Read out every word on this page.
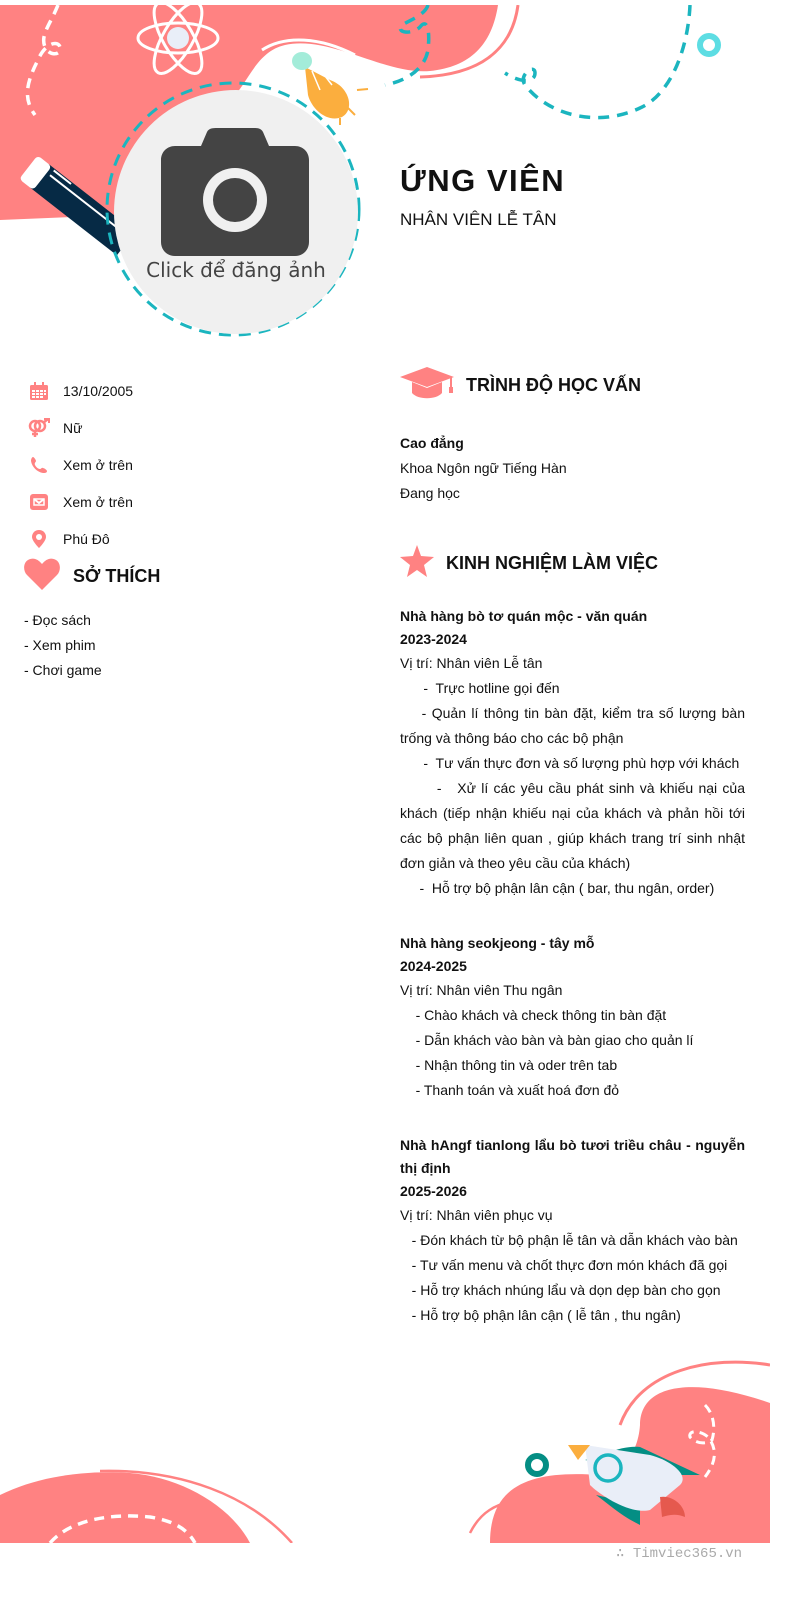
Click để đăng ảnh
ỨNG VIÊN
NHÂN VIÊN LỄ TÂN
13/10/2005
Nữ
Xem ở trên
Xem ở trên
Phú Đô
SỞ THÍCH
- Đọc sách
- Xem phim
- Chơi game
TRÌNH ĐỘ HỌC VẤN
Cao đẳng
Khoa Ngôn ngữ Tiếng Hàn
Đang học
KINH NGHIỆM LÀM VIỆC
Nhà hàng bò tơ quán mộc - văn quán
2023-2024
Vị trí: Nhân viên Lễ tân
-  Trực hotline gọi đến
- Quản lí thông tin bàn đặt, kiểm tra số lượng bàn trống và thông báo cho các bộ phận
-  Tư vấn thực đơn và số lượng phù hợp với khách
-   Xử lí các yêu cầu phát sinh và khiếu nại của khách (tiếp nhận khiếu nại của khách và phản hồi tới các bộ phận liên quan , giúp khách trang trí sinh nhật đơn giản và theo yêu cầu của khách)
-  Hỗ trợ bộ phận lân cận ( bar, thu ngân, order)
Nhà hàng seokjeong - tây mỗ
2024-2025
Vị trí: Nhân viên Thu ngân
- Chào khách và check thông tin bàn đặt
- Dẫn khách vào bàn và bàn giao cho quản lí
- Nhận thông tin và oder trên tab
- Thanh toán và xuất hoá đơn đỏ
Nhà hAngf tianlong lẩu bò tươi triều châu - nguyễn thị định
2025-2026
Vị trí: Nhân viên phục vụ
- Đón khách từ bộ phận lễ tân và dẫn khách vào bàn
- Tư vấn menu và chốt thực đơn món khách đã gọi
- Hỗ trợ khách nhúng lẩu và dọn dẹp bàn cho gọn
- Hỗ trợ bộ phận lân cận ( lễ tân , thu ngân)
∴ Timviec365.vn
